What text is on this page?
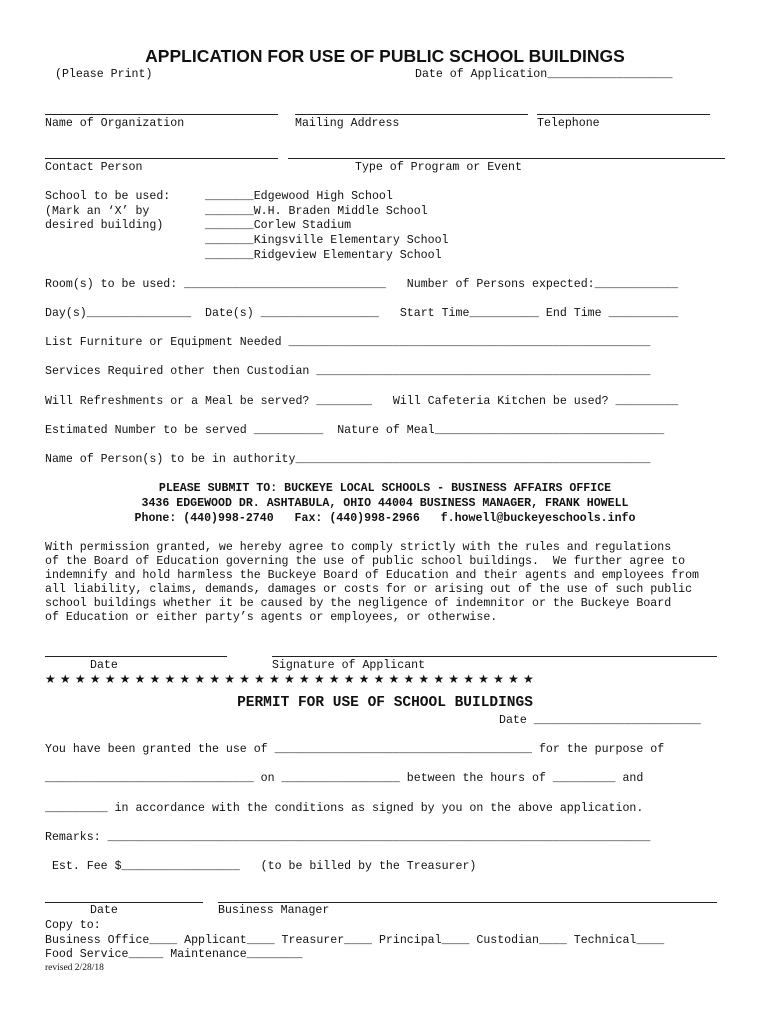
APPLICATION FOR USE OF PUBLIC SCHOOL BUILDINGS
(Please Print)	Date of Application__________________
Name of Organization	Mailing Address	Telephone
Contact Person	Type of Program or Event
School to be used:
(Mark an ‘X’ by
desired building)
_______Edgewood High School
_______W.H. Braden Middle School
_______Corlew Stadium
_______Kingsville Elementary School
_______Ridgeview Elementary School
Room(s) to be used: _____________________________   Number of Persons expected:____________
Day(s)_______________  Date(s) _________________   Start Time__________ End Time __________
List Furniture or Equipment Needed ____________________________________________________
Services Required other then Custodian ________________________________________________
Will Refreshments or a Meal be served? ________   Will Cafeteria Kitchen be used? _________
Estimated Number to be served __________  Nature of Meal_________________________________
Name of Person(s) to be in authority___________________________________________________
PLEASE SUBMIT TO: BUCKEYE LOCAL SCHOOLS - BUSINESS AFFAIRS OFFICE
3436 EDGEWOOD DR. ASHTABULA, OHIO 44004 BUSINESS MANAGER, FRANK HOWELL
Phone: (440)998-2740   Fax: (440)998-2966   f.howell@buckeyeschools.info
With permission granted, we hereby agree to comply strictly with the rules and regulations
of the Board of Education governing the use of public school buildings.  We further agree to
indemnify and hold harmless the Buckeye Board of Education and their agents and employees from
all liability, claims, demands, damages or costs for or arising out of the use of such public
school buildings whether it be caused by the negligence of indemnitor or the Buckeye Board
of Education or either party’s agents or employees, or otherwise.
Date	Signature of Applicant
★ ★ ★ ★ ★ ★ ★ ★ ★ ★ ★ ★ ★ ★ ★ ★ ★ ★ ★ ★ ★ ★ ★ ★ ★ ★ ★ ★ ★ ★ ★ ★ ★
PERMIT FOR USE OF SCHOOL BUILDINGS
Date ________________________
You have been granted the use of _____________________________________ for the purpose of
______________________________ on _________________ between the hours of _________ and
_________ in accordance with the conditions as signed by you on the above application.
Remarks: ______________________________________________________________________________
Est. Fee $_________________   (to be billed by the Treasurer)
Date	Business Manager
Copy to:
Business Office____ Applicant____ Treasurer____ Principal____ Custodian____ Technical____
Food Service_____ Maintenance________
revised 2/28/18
